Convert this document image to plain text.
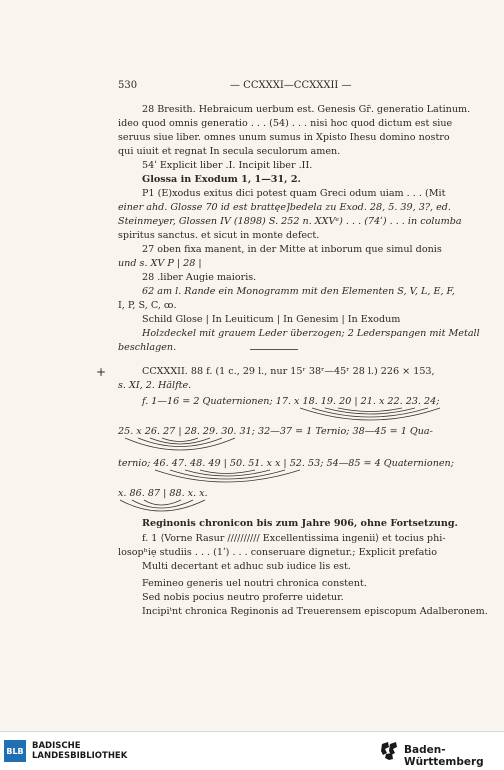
530	— CCXXXI—CCXXXII —
28 Bresith. Hebraicum uerbum est. Genesis Gr̄. generatio Latinum.
ideo quod omnis generatio . . . (54) . . . nisi hoc quod dictum est siue
seruus siue liber. omnes unum sumus in Xpisto Ihesu domino nostro
qui uiuit et regnat In secula seculorum amen.
54ʹ Explicit liber .I. Incipit liber .II.
Glossa in Exodum 1, 1—31, 2.
P1 (E)xodus exitus dici potest quam Greci odum uiam . . . (Mit
einer ahd. Glosse 70 id est brattęe]bedela zu Exod. 28, 5. 39, 3?, ed.
Steinmeyer, Glossen IV (1898) S. 252 n. XXVᵉ) . . . (74ʹ) . . . in columba
spiritus sanctus. et sicut in monte defect.
27 oben fixa manent, in der Mitte at inborum que simul donis
und s. XV P | 28 |
28 .liber Augie maioris.
62 am l. Rande ein Monogramm mit den Elementen S, V, L, E, F,
I, P, S, C, ꝏ.
Schild Glose | In Leuiticum | In Genesim | In Exodum
Holzdeckel mit grauem Leder überzogen; 2 Lederspangen mit Metall
beschlagen.
+	CCXXXII. 88 f. (1 c., 29 l., nur 15ʳ 38ʳ—45ʳ 28 l.) 226 × 153,
s. XI, 2. Hälfte.
f. 1—16 = 2 Quaternionen; 17. x 18. 19. 20 | 21. x 22. 23. 24;
25. x 26. 27 | 28. 29. 30. 31; 32—37 = 1 Ternio; 38—45 = 1 Qua-
ternio; 46. 47. 48. 49 | 50. 51. x x | 52. 53; 54—85 = 4 Quaternionen;
x. 86. 87 | 88. x. x.
Reginonis chronicon bis zum Jahre 906, ohne Fortsetzung.
f. 1 ⟨Vorne Rasur ////////// Excellentissima ingenii⟩ et tocius phi-
losopʰiẹ studiis . . . (1ʹ) . . . conseruare dignetur.; Explicit prefatio
Multi decertant et adhuc sub iudice lis est.
Femineo generis uel noutri chronica constent.
Sed nobis pocius neutro proferre uidetur.
Incipiᵗnt chronica Reginonis ad Treuerensem episcopum Adalberonem.
BLB BADISCHE
LANDESBIBLIOTHEK	Baden-Württemberg
